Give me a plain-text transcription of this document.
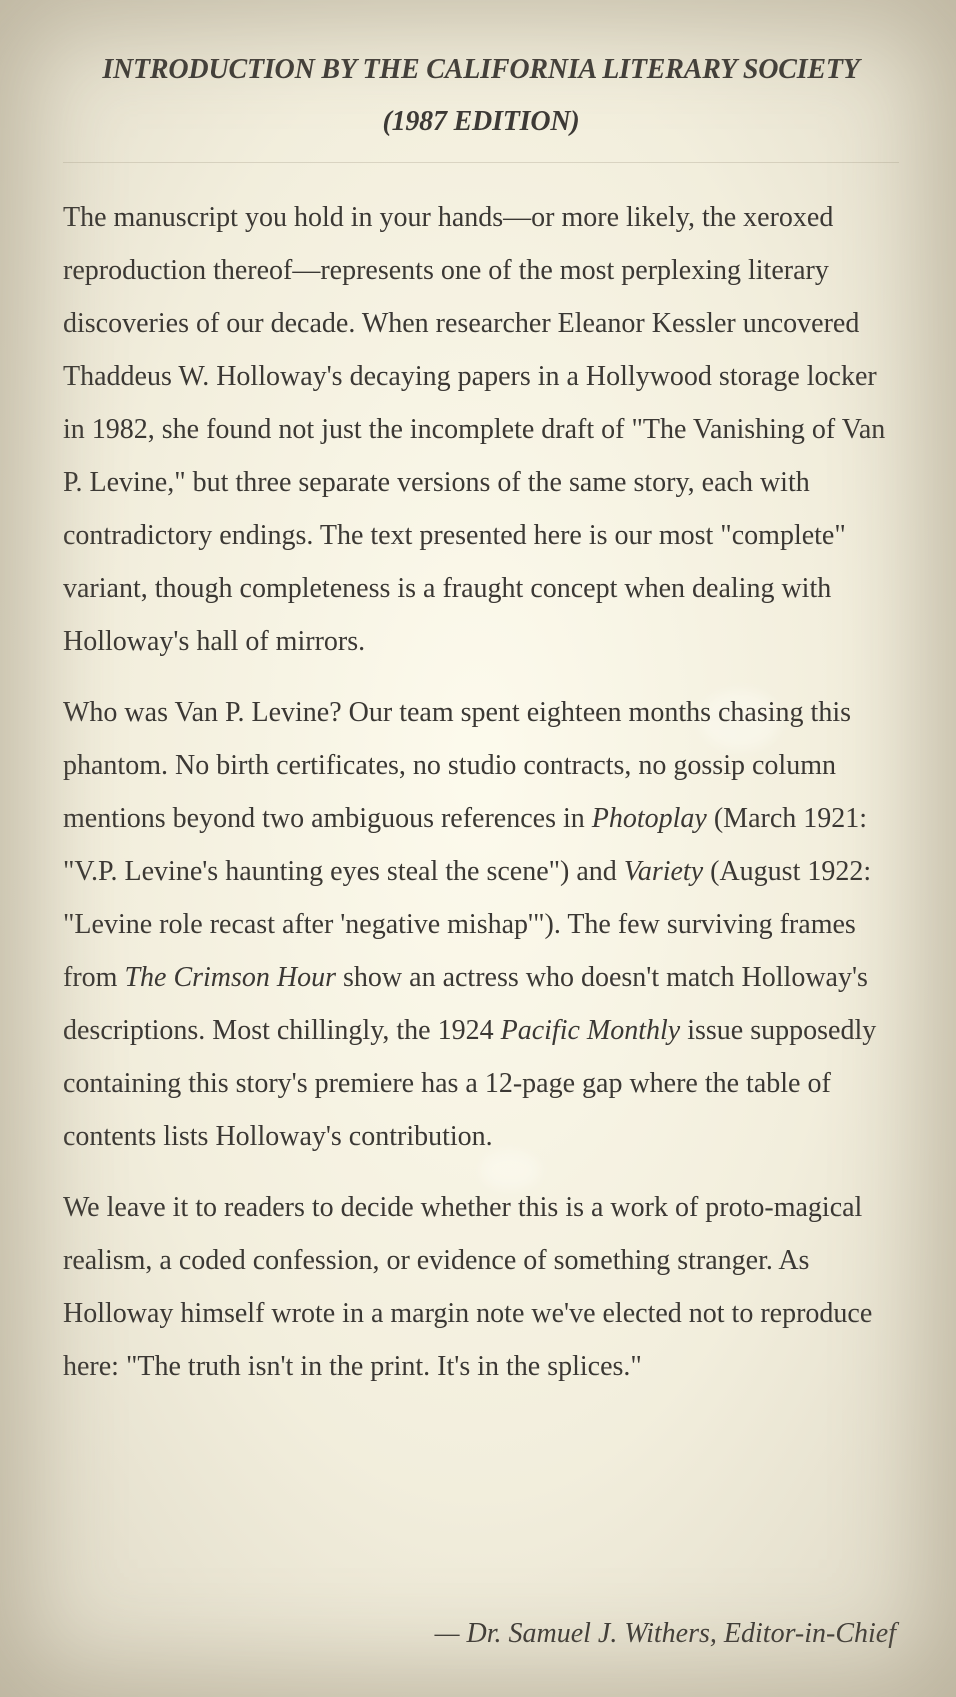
INTRODUCTION BY THE CALIFORNIA LITERARY SOCIETY
(1987 EDITION)

The manuscript you hold in your hands—or more likely, the xeroxed reproduction thereof—represents one of the most perplexing literary discoveries of our decade. When researcher Eleanor Kessler uncovered Thaddeus W. Holloway's decaying papers in a Hollywood storage locker in 1982, she found not just the incomplete draft of "The Vanishing of Van P. Levine," but three separate versions of the same story, each with contradictory endings. The text presented here is our most "complete" variant, though completeness is a fraught concept when dealing with Holloway's hall of mirrors.

Who was Van P. Levine? Our team spent eighteen months chasing this phantom. No birth certificates, no studio contracts, no gossip column mentions beyond two ambiguous references in Photoplay (March 1921: "V.P. Levine's haunting eyes steal the scene") and Variety (August 1922: "Levine role recast after 'negative mishap'"). The few surviving frames from The Crimson Hour show an actress who doesn't match Holloway's descriptions. Most chillingly, the 1924 Pacific Monthly issue supposedly containing this story's premiere has a 12-page gap where the table of contents lists Holloway's contribution.

We leave it to readers to decide whether this is a work of proto-magical realism, a coded confession, or evidence of something stranger. As Holloway himself wrote in a margin note we've elected not to reproduce here: "The truth isn't in the print. It's in the splices."

— Dr. Samuel J. Withers, Editor-in-Chief
